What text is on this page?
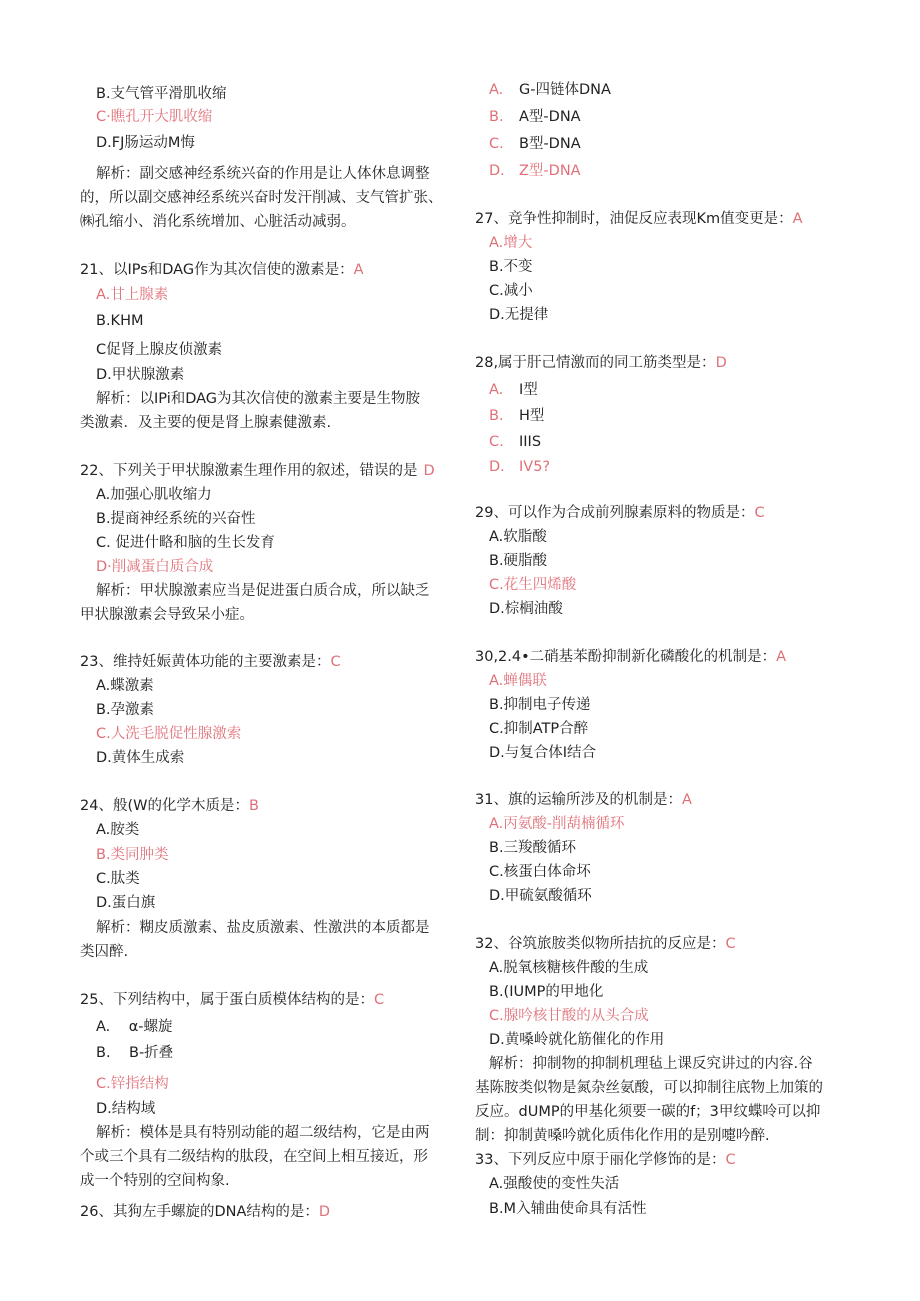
B.支气管平滑肌收缩
C·瞧孔开大肌收缩
D.FJ肠运动M悔
解析：副交感神经系统兴奋的作用是让人体休息调整
的，所以副交感神经系统兴奋时发汗削减、支气管扩张、
㈱孔缩小、消化系统增加、心脏活动减弱。
21、以IPs和DAG作为其次信使的激素是：A
A.甘上腺素
B.KHM
C促肾上腺皮侦激素
D.甲状腺激素
解析：以IPi和DAG为其次信使的激素主要是生物胺
类激素．及主要的便是肾上腺素健激素.
22、下列关于甲状腺激素生理作用的叙述，错误的是 D
A.加强心肌收缩力
B.提商神经系统的兴奋性
C. 促进什略和脑的生长发育
D·削减蛋白质合成
解析：甲状腺激素应当是促进蛋白质合成，所以缺乏
甲状腺激素会导致呆小症。
23、维持妊娠黄体功能的主要激素是：C
A.蝶激素
B.孕激素
C.人洗毛脱促性腺激索
D.黄体生成索
24、般(W的化学木质是：B
A.胺类
B.类同肿类
C.肽类
D.蛋白旗
解析：糊皮质激素、盐皮质激素、性激洪的本质都是
类囚醉.
25、下列结构中，属于蛋白质模体结构的是：C
A.    α-螺旋
B.    B-折叠
C.锌指结构
D.结构域
解析：模体是具有特别动能的超二级结构，它是由两
个或三个具有二级结构的肽段，在空间上相互接近，形
成一个特别的空间构象.
26、其狗左手螺旋的DNA结构的是：D
A. G-四链体DNA
B. A型-DNA
C. B型-DNA
D. Z型-DNA
27、竞争性抑制时，油促反应表现Km值变更是：A
A.增大
B.不变
C.减小
D.无提律
28,属于肝己情激而的同工筋类型是：D
A. I型
B. H型
C. IIIS
D. IV5?
29、可以作为合成前列腺素原料的物质是：C
A.软脂酸
B.硬脂酸
C.花生四烯酸
D.棕榈油酸
30,2.4•二硝基苯酚抑制新化磷酸化的机制是：A
A.蝉偶联
B.抑制电子传递
C.抑制ATP合醉
D.与复合体I结合
31、旗的运输所涉及的机制是：A
A.丙氨酸-削葫楠循环
B.三羧酸循环
C.核蛋白体命坏
D.甲硫氨酸循环
32、谷筑旅胺类似物所拮抗的反应是：C
A.脱氧核糖核件酸的生成
B.(IUMP的甲地化
C.腺吟核甘酸的从头合成
D.黄嗓岭就化筋催化的作用
解析：抑制物的抑制机理毡上课反究讲过的内容.谷
基陈胺类似物是氮杂丝氨酸，可以抑制往底物上加策的
反应。dUMP的甲基化须要一碳的f；3甲纹蝶呤可以抑
制：抑制黄嗓吟就化质伟化作用的是别嚏吟醉.
33、下列反应中原于丽化学修饰的是：C
A.强酸使的变性失活
B.M入辅曲使命具有活性
